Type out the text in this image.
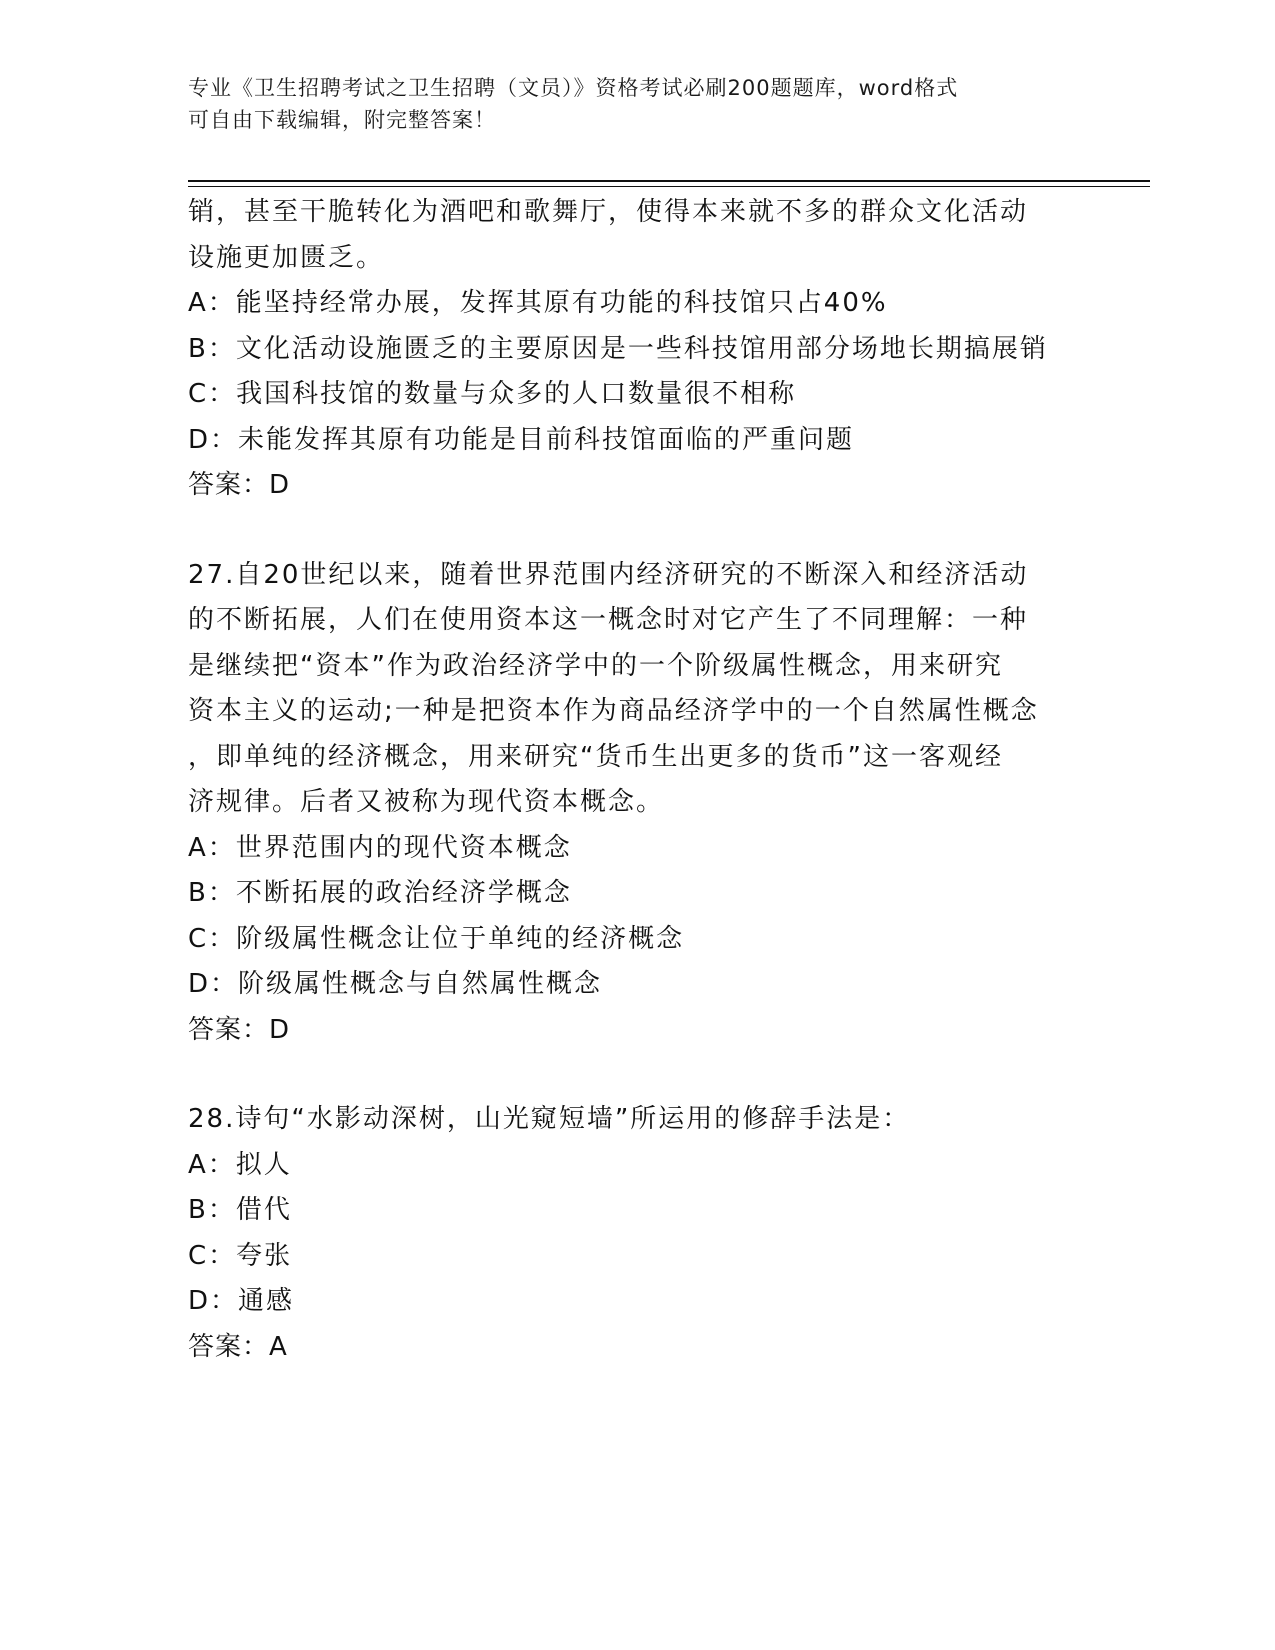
专业《卫生招聘考试之卫生招聘（文员）》资格考试必刷200题题库，word格式
可自由下载编辑，附完整答案！
销，甚至干脆转化为酒吧和歌舞厅，使得本来就不多的群众文化活动
设施更加匮乏。
A：能坚持经常办展，发挥其原有功能的科技馆只占40%
B：文化活动设施匮乏的主要原因是一些科技馆用部分场地长期搞展销
C：我国科技馆的数量与众多的人口数量很不相称
D：未能发挥其原有功能是目前科技馆面临的严重问题
答案：D
27.自20世纪以来，随着世界范围内经济研究的不断深入和经济活动
的不断拓展，人们在使用资本这一概念时对它产生了不同理解：一种
是继续把“资本”作为政治经济学中的一个阶级属性概念，用来研究
资本主义的运动;一种是把资本作为商品经济学中的一个自然属性概念
，即单纯的经济概念，用来研究“货币生出更多的货币”这一客观经
济规律。后者又被称为现代资本概念。
A：世界范围内的现代资本概念
B：不断拓展的政治经济学概念
C：阶级属性概念让位于单纯的经济概念
D：阶级属性概念与自然属性概念
答案：D
28.诗句“水影动深树，山光窥短墙”所运用的修辞手法是：
A：拟人
B：借代
C：夸张
D：通感
答案：A
